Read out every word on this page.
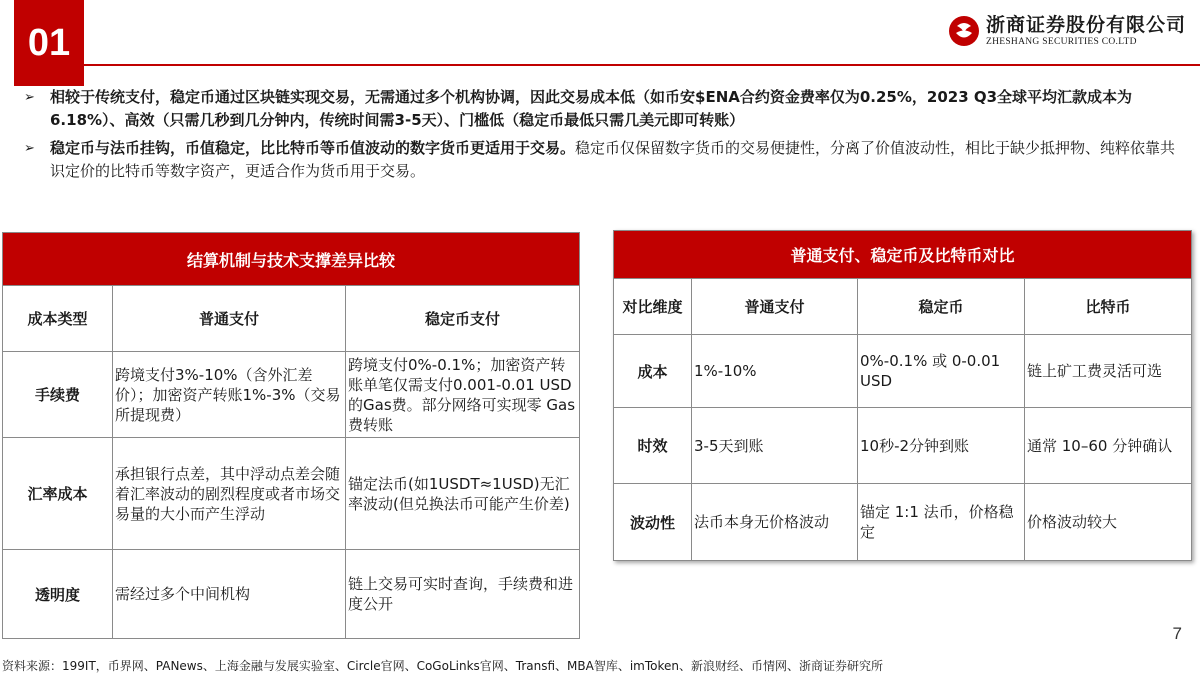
01	浙商证券股份有限公司
ZHESHANG SECURITIES CO.LTD
➢	相较于传统支付，稳定币通过区块链实现交易，无需通过多个机构协调，因此交易成本低（如币安$ENA合约资金费率仅为0.25%，2023 Q3全球平均汇款成本为6.18%）、高效（只需几秒到几分钟内，传统时间需3-5天）、门槛低（稳定币最低只需几美元即可转账）
➢	稳定币与法币挂钩，币值稳定，比比特币等币值波动的数字货币更适用于交易。稳定币仅保留数字货币的交易便捷性，分离了价值波动性，相比于缺少抵押物、纯粹依靠共识定价的比特币等数字资产，更适合作为货币用于交易。
结算机制与技术支撑差异比较		
成本类型	普通支付	稳定币支付
手续费	跨境支付3%-10%（含外汇差价）；加密资产转账1%-3%（交易所提现费）	跨境支付0%-0.1%；加密资产转账单笔仅需支付0.001-0.01 USD的Gas费。部分网络可实现零 Gas 费转账
汇率成本	承担银行点差，其中浮动点差会随着汇率波动的剧烈程度或者市场交易量的大小而产生浮动	锚定法币(如1USDT≈1USD)无汇率波动(但兑换法币可能产生价差)
透明度	需经过多个中间机构	链上交易可实时查询，手续费和进度公开
普通支付、稳定币及比特币对比			
对比维度	普通支付	稳定币	比特币
成本	1%-10%	0%-0.1% 或 0-0.01 USD	链上矿工费灵活可选
时效	3-5天到账	10秒-2分钟到账	通常 10–60 分钟确认
波动性	法币本身无价格波动	锚定 1:1 法币，价格稳定	价格波动较大
7
资料来源：199IT，币界网、PANews、上海金融与发展实验室、Circle官网、CoGoLinks官网、Transfi、MBA智库、imToken、新浪财经、币情网、浙商证券研究所
